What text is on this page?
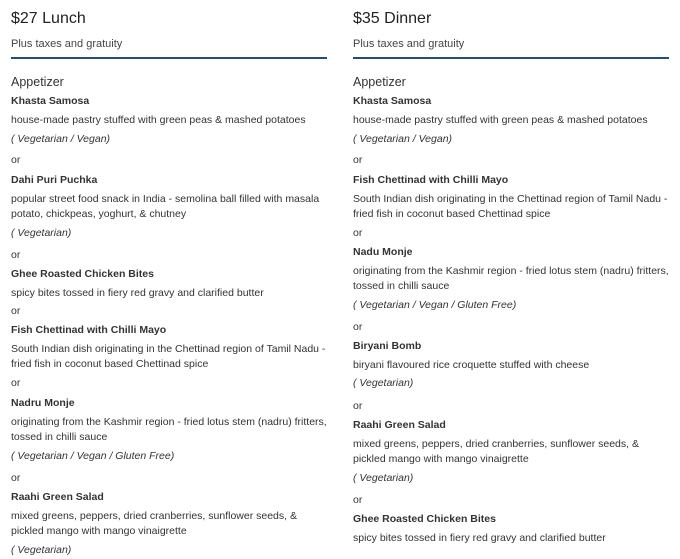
$27 Lunch
Plus taxes and gratuity
Appetizer
Khasta Samosa
house-made pastry stuffed with green peas & mashed potatoes
( Vegetarian / Vegan)
or
Dahi Puri Puchka
popular street food snack in India - semolina ball filled with masala potato, chickpeas, yoghurt, & chutney
( Vegetarian)
or
Ghee Roasted Chicken Bites
spicy bites tossed in fiery red gravy and clarified butter
or
Fish Chettinad with Chilli Mayo
South Indian dish originating in the Chettinad region of Tamil Nadu - fried fish in coconut based Chettinad spice
or
Nadru Monje
originating from the Kashmir region - fried lotus stem (nadru) fritters, tossed in chilli sauce
( Vegetarian / Vegan / Gluten Free)
or
Raahi Green Salad
mixed greens, peppers, dried cranberries, sunflower seeds, & pickled mango with mango vinaigrette
( Vegetarian)
$35 Dinner
Plus taxes and gratuity
Appetizer
Khasta Samosa
house-made pastry stuffed with green peas & mashed potatoes
( Vegetarian / Vegan)
or
Fish Chettinad with Chilli Mayo
South Indian dish originating in the Chettinad region of Tamil Nadu - fried fish in coconut based Chettinad spice
or
Nadu Monje
originating from the Kashmir region - fried lotus stem (nadru) fritters, tossed in chilli sauce
( Vegetarian / Vegan / Gluten Free)
or
Biryani Bomb
biryani flavoured rice croquette stuffed with cheese
( Vegetarian)
or
Raahi Green Salad
mixed greens, peppers, dried cranberries, sunflower seeds, & pickled mango with mango vinaigrette
( Vegetarian)
or
Ghee Roasted Chicken Bites
spicy bites tossed in fiery red gravy and clarified butter
